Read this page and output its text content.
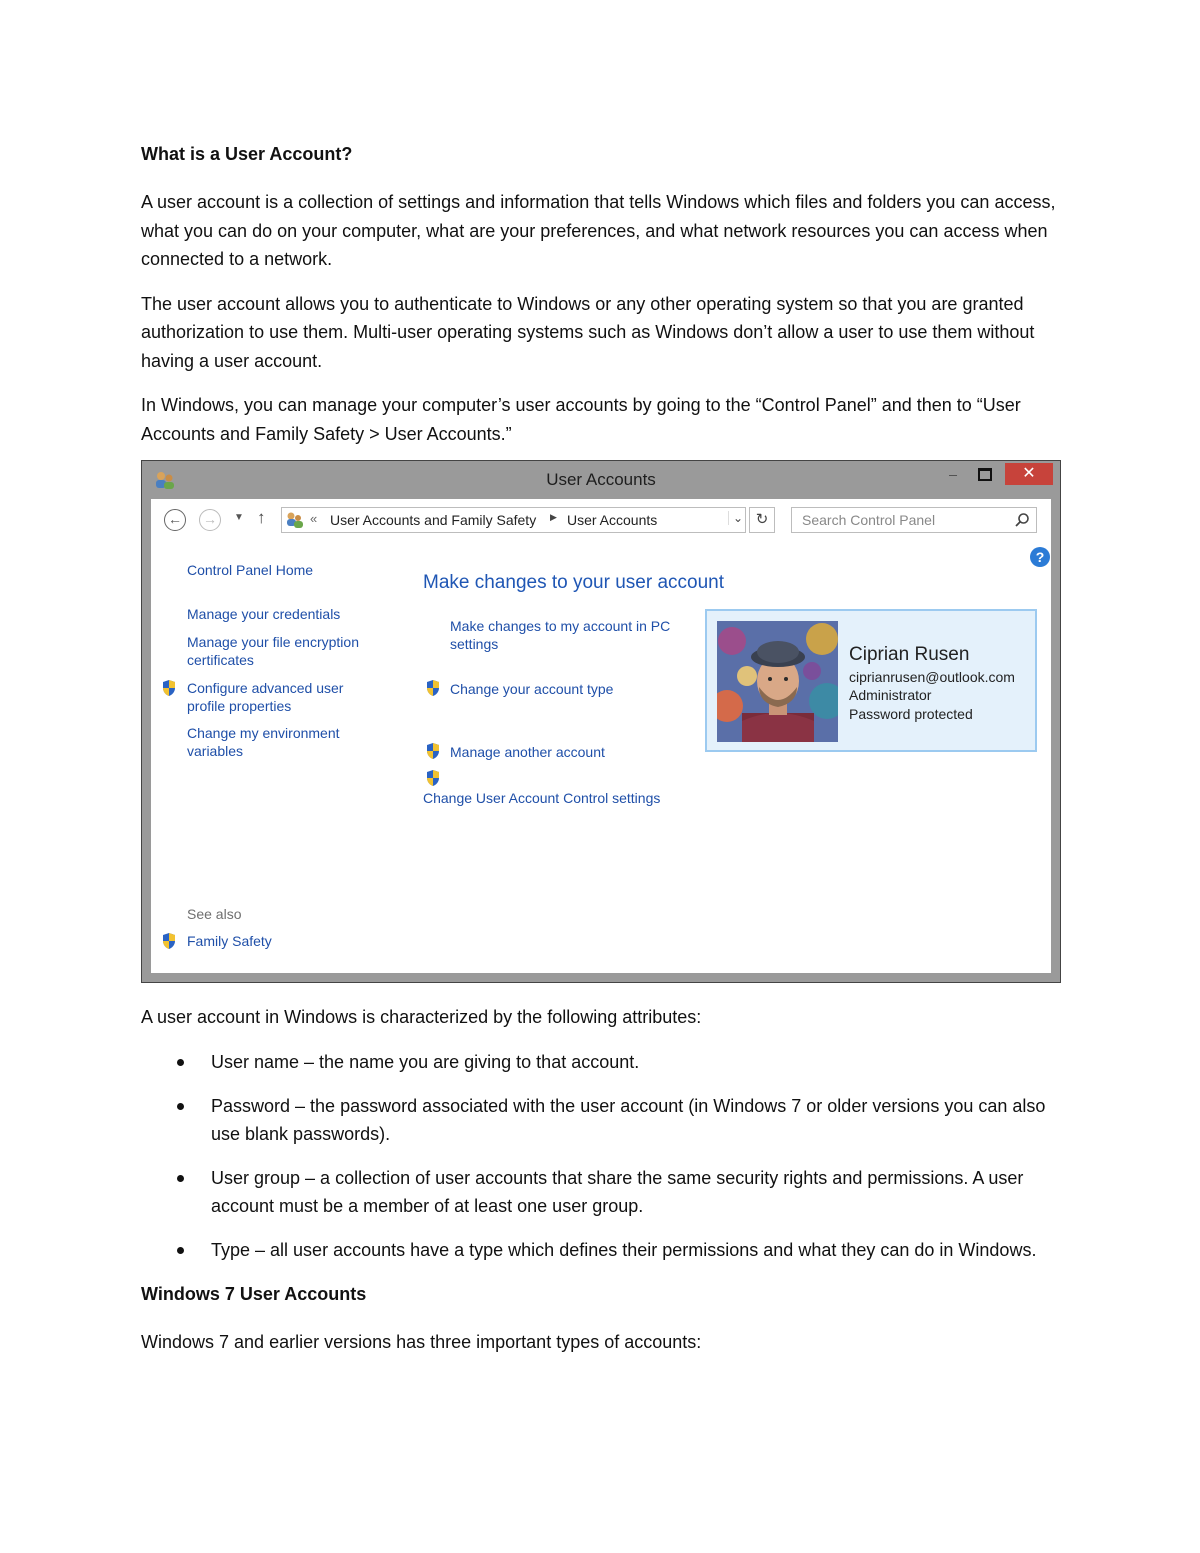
What is a User Account?

A user account is a collection of settings and information that tells Windows which files and folders you can access, what you can do on your computer, what are your preferences, and what network resources you can access when connected to a network.

The user account allows you to authenticate to Windows or any other operating system so that you are granted authorization to use them. Multi-user operating systems such as Windows don’t allow a user to use them without having a user account.

In Windows, you can manage your computer’s user accounts by going to the “Control Panel” and then to “User Accounts and Family Safety > User Accounts.”

User Accounts
_	✕
← →	▼ ↑	« User Accounts and Family Safety ▶ User Accounts	⌄ ↻	Search Control Panel
?
Control Panel Home
Manage your credentials
Manage your file encryption certificates
Configure advanced user profile properties
Change my environment variables
See also
Family Safety
Make changes to your user account
Make changes to my account in PC settings
Change your account type
Manage another account
Change User Account Control settings
Ciprian Rusen
ciprianrusen@outlook.com
Administrator
Password protected

A user account in Windows is characterized by the following attributes:

User name – the name you are giving to that account.
Password – the password associated with the user account (in Windows 7 or older versions you can also use blank passwords).
User group – a collection of user accounts that share the same security rights and permissions. A user account must be a member of at least one user group.
Type – all user accounts have a type which defines their permissions and what they can do in Windows.
Windows 7 User Accounts

Windows 7 and earlier versions has three important types of accounts:
